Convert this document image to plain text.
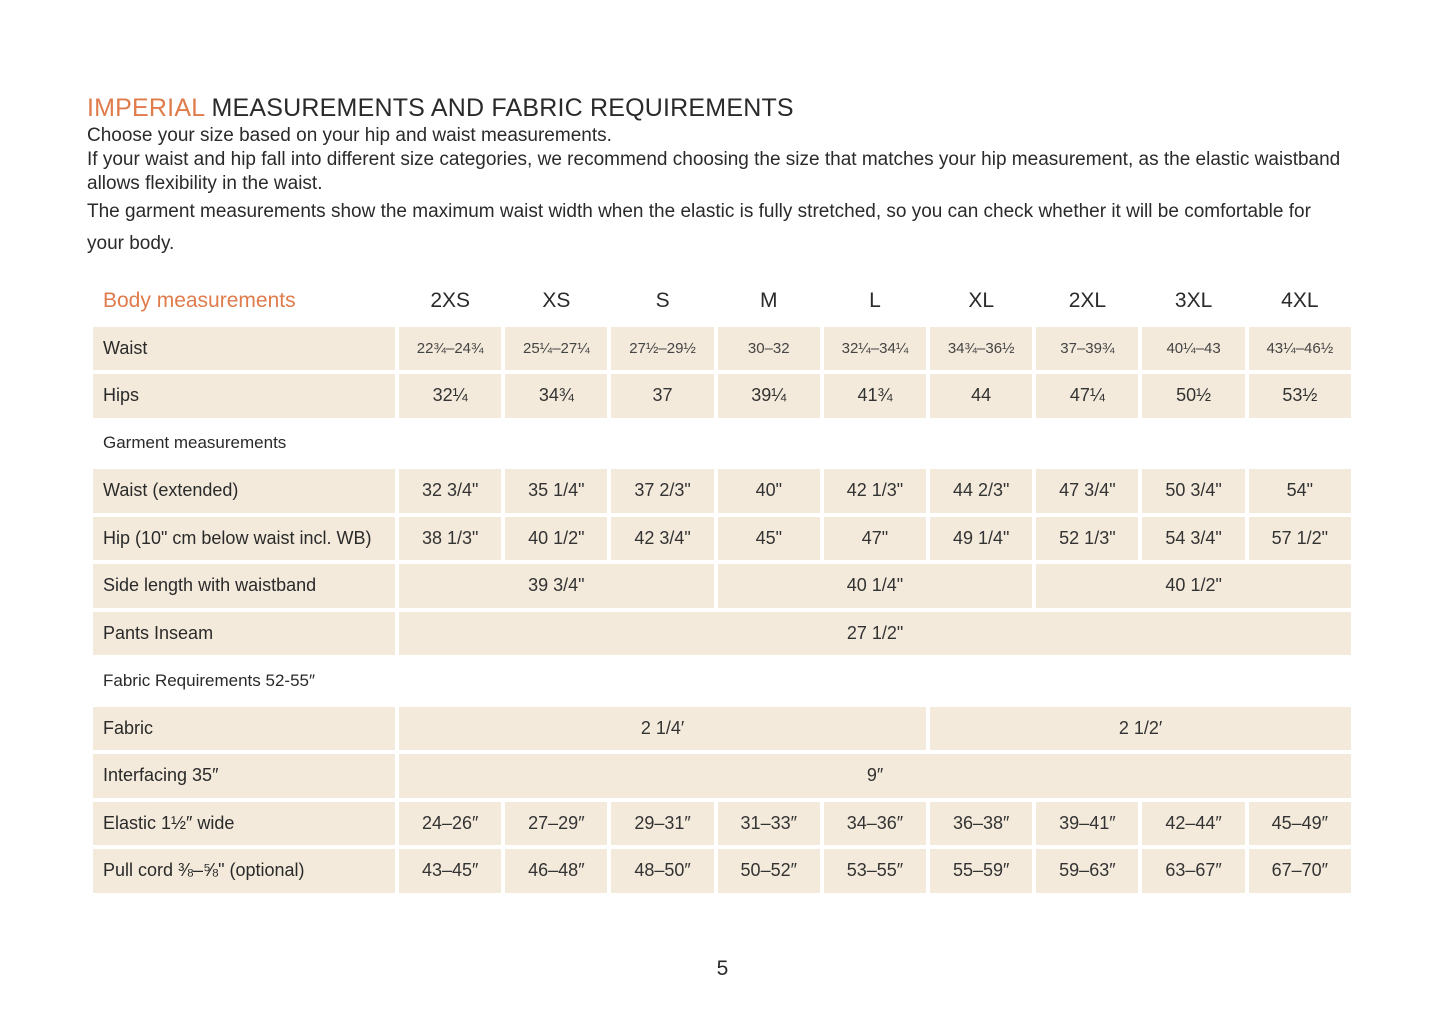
IMPERIAL MEASUREMENTS AND FABRIC REQUIREMENTS

Choose your size based on your hip and waist measurements.

If your waist and hip fall into different size categories, we recommend choosing the size that matches your hip measurement, as the elastic waistband allows flexibility in the waist.

The garment measurements show the maximum waist width when the elastic is fully stretched, so you can check whether it will be comfortable for your body.

Body measurements	2XS	XS	S	M	L	XL	2XL	3XL	4XL
Waist	22¾–24¾	25¼–27¼	27½–29½	30–32	32¼–34¼	34¾–36½	37–39¾	40¼–43	43¼–46½
Hips	32¼	34¾	37	39¼	41¾	44	47¼	50½	53½
Garment measurements									
Waist (extended)	32 3/4"	35 1/4"	37 2/3"	40"	42 1/3"	44 2/3"	47 3/4"	50 3/4"	54"
Hip (10" cm below waist incl. WB)	38 1/3"	40 1/2"	42 3/4"	45"	47"	49 1/4"	52 1/3"	54 3/4"	57 1/2"
Side length with waistband	39 3/4"			40 1/4"			40 1/2"		
Pants Inseam	27 1/2"								
Fabric Requirements 52-55″									
Fabric	2 1/4′					2 1/2′			
Interfacing 35″	9″								
Elastic 1½″ wide	24–26″	27–29″	29–31″	31–33″	34–36″	36–38″	39–41″	42–44″	45–49″
Pull cord ⅜–⅝" (optional)	43–45″	46–48″	48–50″	50–52″	53–55″	55–59″	59–63″	63–67″	67–70″
5
